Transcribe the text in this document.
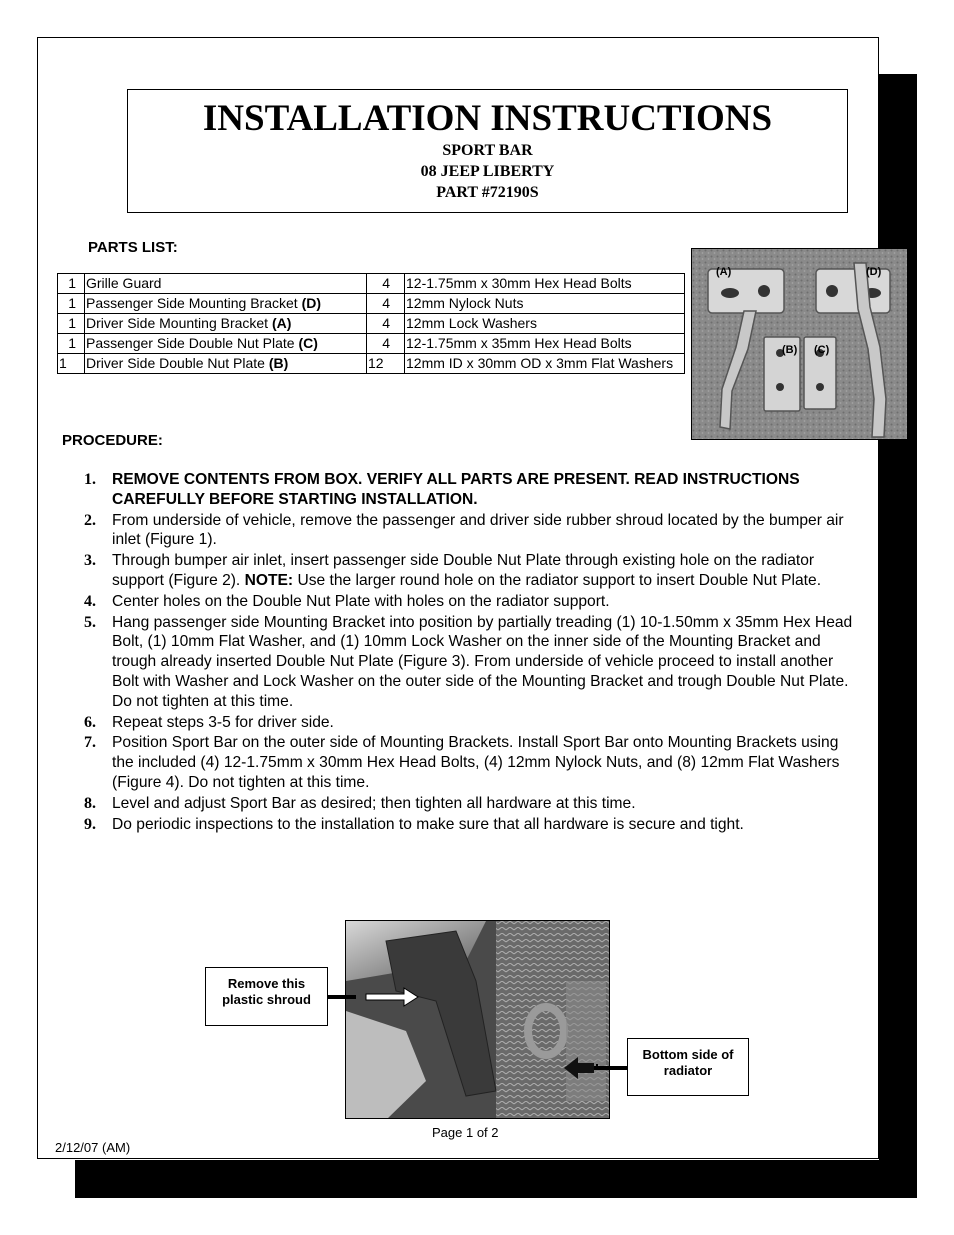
INSTALLATION INSTRUCTIONS
SPORT BAR
08 JEEP LIBERTY
PART #72190S
PARTS LIST:
1	Grille Guard	4	12-1.75mm x 30mm Hex Head Bolts
1	Passenger Side Mounting Bracket (D)	4	12mm Nylock Nuts
1	Driver Side Mounting Bracket (A)	4	12mm Lock Washers
1	Passenger Side Double Nut Plate (C)	4	12-1.75mm x 35mm Hex Head Bolts
1	Driver Side Double Nut Plate (B)	12	12mm ID x 30mm OD x 3mm Flat Washers
(A)	(D)
(B) (C)
PROCEDURE:
1. REMOVE CONTENTS FROM BOX. VERIFY ALL PARTS ARE PRESENT. READ INSTRUCTIONS CAREFULLY BEFORE STARTING INSTALLATION.
2. From underside of vehicle, remove the passenger and driver side rubber shroud located by the bumper air inlet (Figure 1).
3. Through bumper air inlet, insert passenger side Double Nut Plate through existing hole on the radiator support (Figure 2). NOTE: Use the larger round hole on the radiator support to insert Double Nut Plate.
4. Center holes on the Double Nut Plate with holes on the radiator support.
5. Hang passenger side Mounting Bracket into position by partially treading (1) 10-1.50mm x 35mm Hex Head Bolt, (1) 10mm Flat Washer, and (1) 10mm Lock Washer on the inner side of the Mounting Bracket and trough already inserted Double Nut Plate (Figure 3). From underside of vehicle proceed to install another Bolt with Washer and Lock Washer on the outer side of the Mounting Bracket and trough Double Nut Plate. Do not tighten at this time.
6. Repeat steps 3-5 for driver side.
7. Position Sport Bar on the outer side of Mounting Brackets. Install Sport Bar onto Mounting Brackets using the included (4) 12-1.75mm x 30mm Hex Head Bolts, (4) 12mm Nylock Nuts, and (8) 12mm Flat Washers (Figure 4). Do not tighten at this time.
8. Level and adjust Sport Bar as desired; then tighten all hardware at this time.
9. Do periodic inspections to the installation to make sure that all hardware is secure and tight.
Remove this plastic shroud
Bottom side of radiator
Page 1 of 2
2/12/07 (AM)
